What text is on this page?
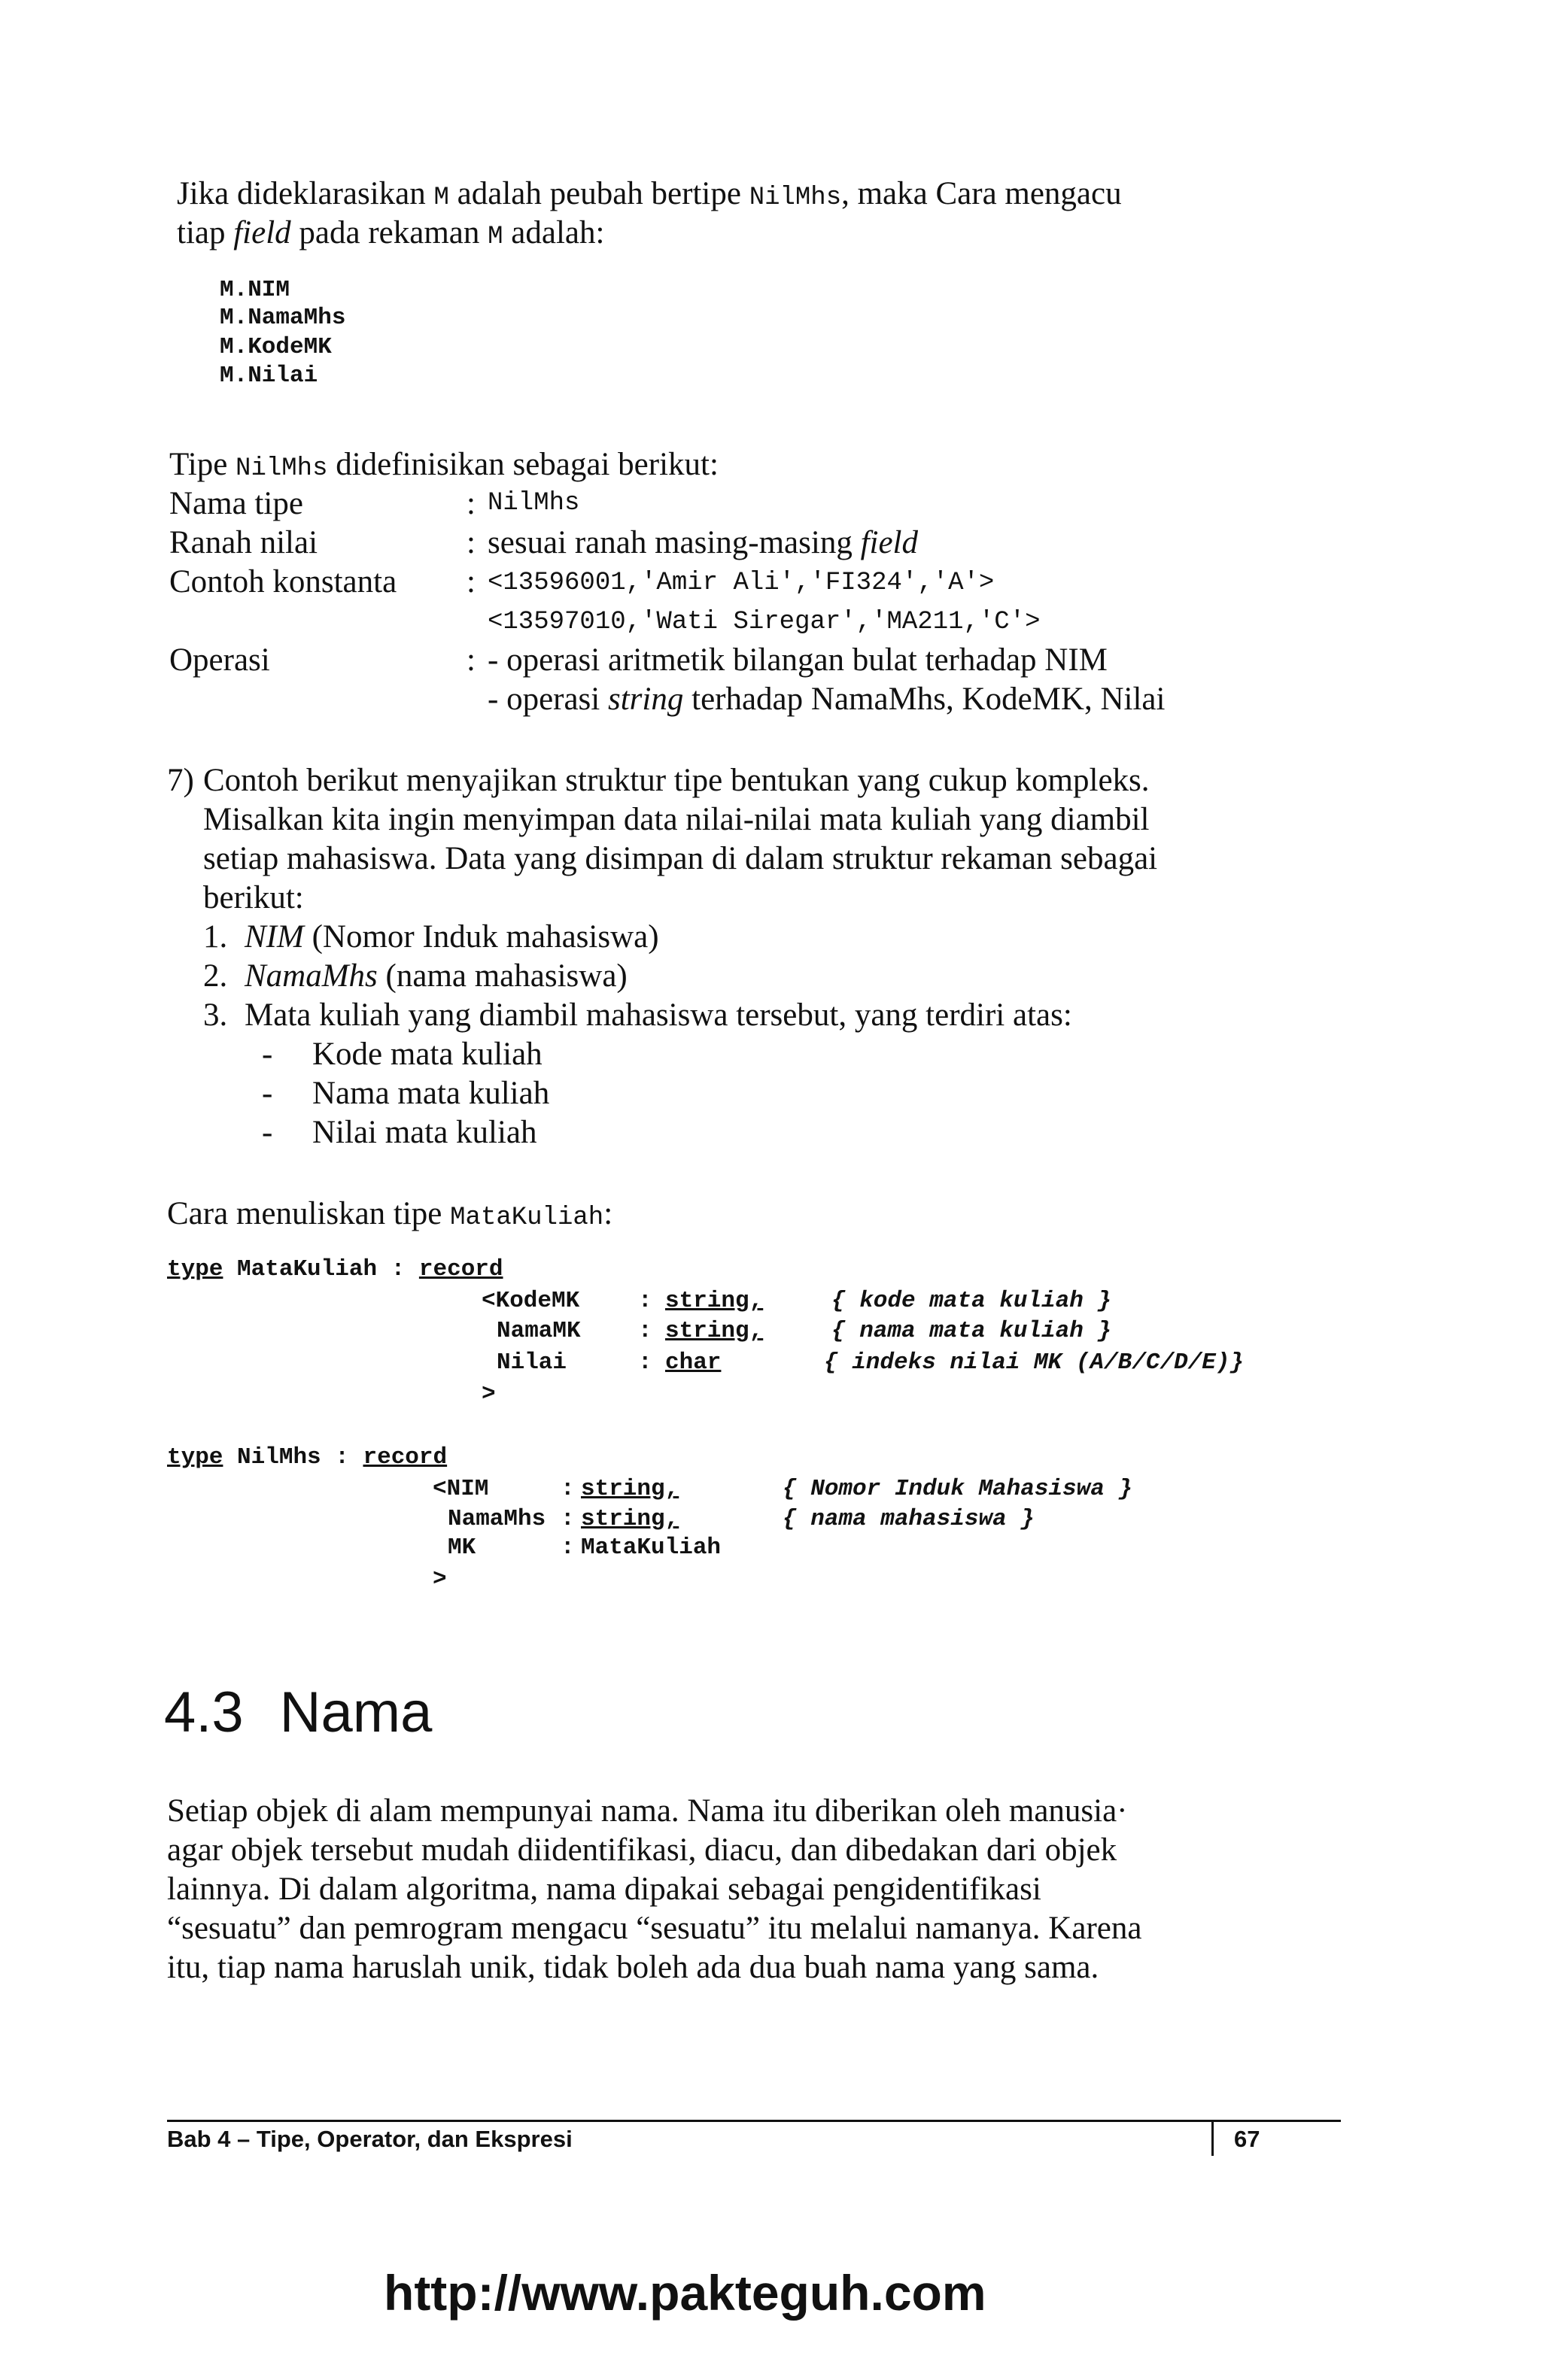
Jika dideklarasikan M adalah peubah bertipe NilMhs, maka Cara mengacu
tiap field pada rekaman M adalah:
M.NIM
M.NamaMhs
M.KodeMK
M.Nilai
Tipe NilMhs didefinisikan sebagai berikut:
Nama tipe	: NilMhs
Ranah nilai	: sesuai ranah masing-masing field
Contoh konstanta : <13596001,'Amir Ali','FI324','A'>
<13597010,'Wati Siregar','MA211,'C'>
Operasi	: - operasi aritmetik bilangan bulat terhadap NIM
- operasi string terhadap NamaMhs, KodeMK, Nilai
7) Contoh berikut menyajikan struktur tipe bentukan yang cukup kompleks.
Misalkan kita ingin menyimpan data nilai-nilai mata kuliah yang diambil
setiap mahasiswa. Data yang disimpan di dalam struktur rekaman sebagai
berikut:
1. NIM (Nomor Induk mahasiswa)
2. NamaMhs (nama mahasiswa)
3. Mata kuliah yang diambil mahasiswa tersebut, yang terdiri atas:
- Kode mata kuliah
- Nama mata kuliah
- Nilai mata kuliah
Cara menuliskan tipe MataKuliah:
type MataKuliah : record
<KodeMK	: string,	{ kode mata kuliah }
NamaMK : string,	{ nama mata kuliah }
Nilai	: char	{ indeks nilai MK (A/B/C/D/E)}
>
type NilMhs : record
<NIM	: string,	{ Nomor Induk Mahasiswa }
NamaMhs : string,	{ nama mahasiswa }
MK	: MataKuliah
>
4.3 Nama
Setiap objek di alam mempunyai nama. Nama itu diberikan oleh manusia·
agar objek tersebut mudah diidentifikasi, diacu, dan dibedakan dari objek
lainnya. Di dalam algoritma, nama dipakai sebagai pengidentifikasi
“sesuatu” dan pemrogram mengacu “sesuatu” itu melalui namanya. Karena
itu, tiap nama haruslah unik, tidak boleh ada dua buah nama yang sama.
Bab 4 – Tipe, Operator, dan Ekspresi	67
http://www.pakteguh.com
